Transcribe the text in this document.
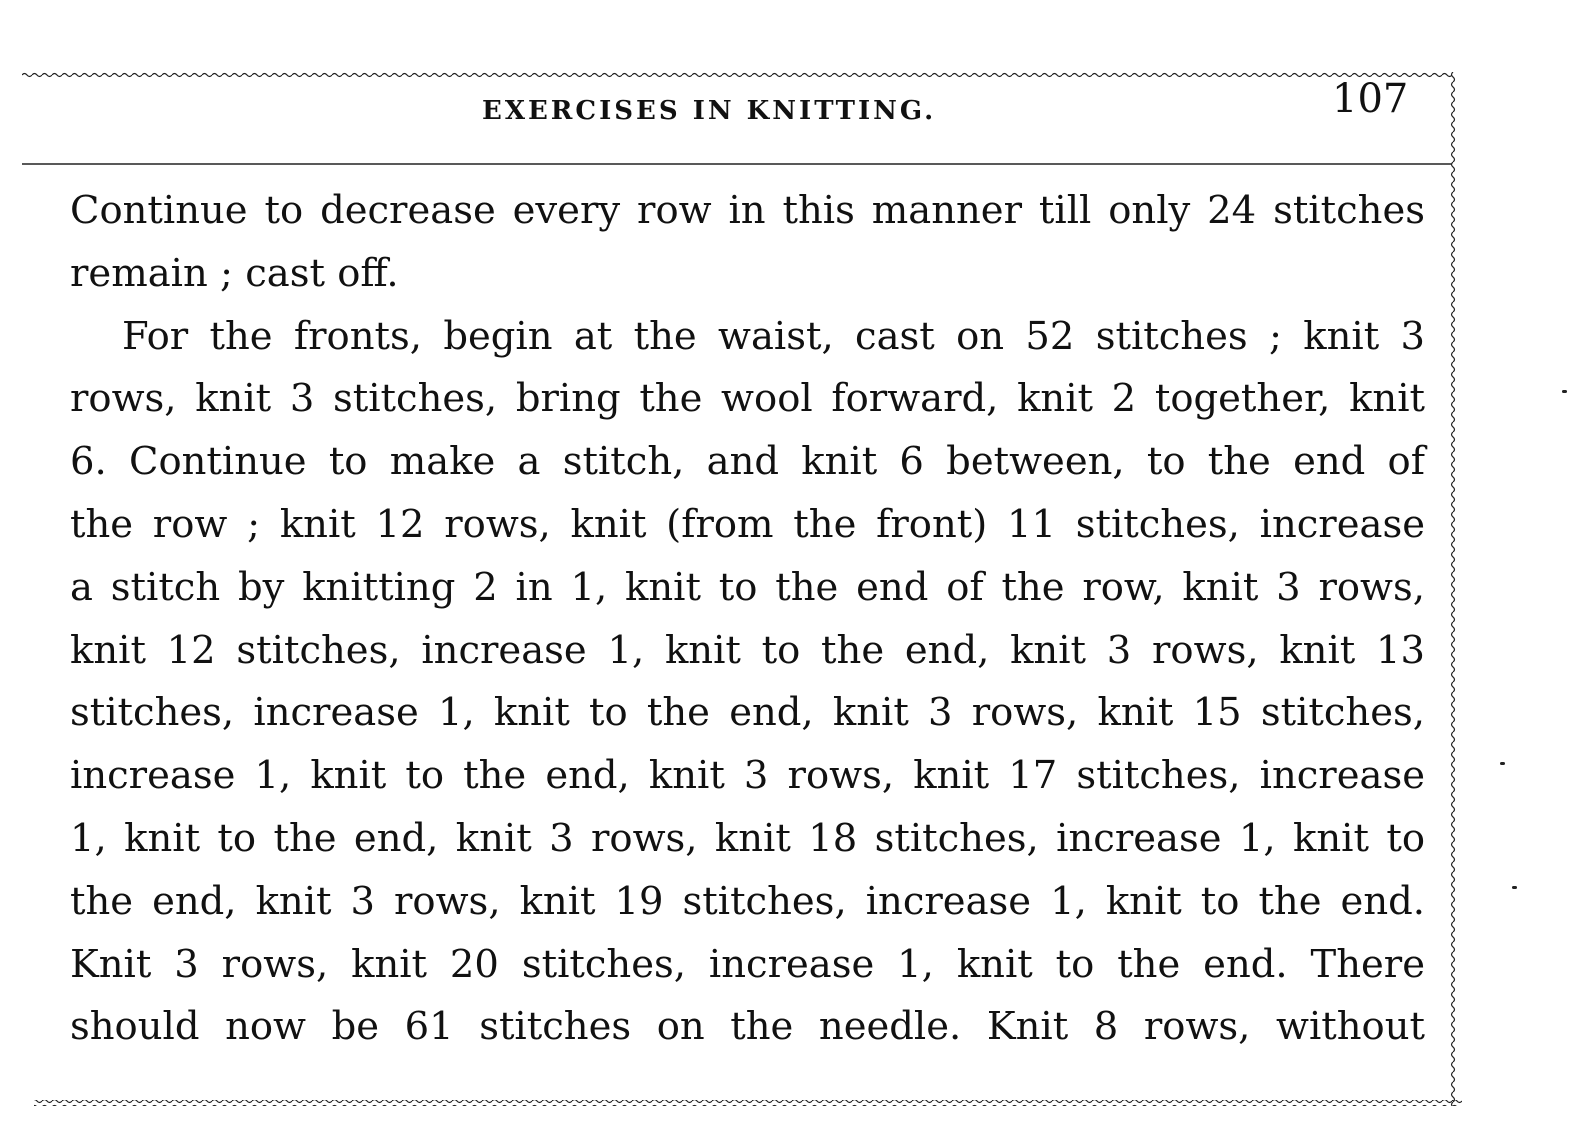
EXERCISES IN KNITTING.	107
Continue to decrease every row in this manner till only 24 stitches
remain ; cast off.
For the fronts, begin at the waist, cast on 52 stitches ; knit 3
rows, knit 3 stitches, bring the wool forward, knit 2 together, knit
6. Continue to make a stitch, and knit 6 between, to the end of
the row ; knit 12 rows, knit (from the front) 11 stitches, increase
a stitch by knitting 2 in 1, knit to the end of the row, knit 3 rows,
knit 12 stitches, increase 1, knit to the end, knit 3 rows, knit 13
stitches, increase 1, knit to the end, knit 3 rows, knit 15 stitches,
increase 1, knit to the end, knit 3 rows, knit 17 stitches, increase
1, knit to the end, knit 3 rows, knit 18 stitches, increase 1, knit to
the end, knit 3 rows, knit 19 stitches, increase 1, knit to the end.
Knit 3 rows, knit 20 stitches, increase 1, knit to the end. There
should now be 61 stitches on the needle. Knit 8 rows, without
